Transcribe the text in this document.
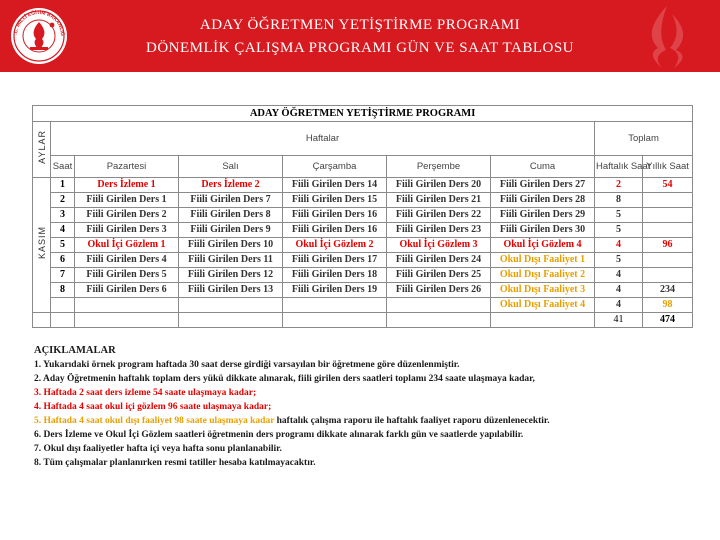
.C. MİLLÎ EĞİTİM BAKANLIĞ
ADAY ÖĞRETMEN YETİŞTİRME PROGRAMI
DÖNEMLİK ÇALIŞMA PROGRAMI GÜN VE SAAT TABLOSU
ADAY ÖĞRETMEN YETİŞTİRME PROGRAMI								
AYLAR	Haftalar						Toplam	
	Saat	Pazartesi	Salı	Çarşamba	Perşembe	Cuma	Haftalık Saat	Yıllık Saat
KASIM	1	Ders İzleme 1	Ders İzleme 2	Fiili Girilen Ders 14	Fiili Girilen Ders 20	Fiili Girilen Ders 27	2	54
	2	Fiili Girilen Ders 1	Fiili Girilen Ders 7	Fiili Girilen Ders 15	Fiili Girilen Ders 21	Fiili Girilen Ders 28	8	
	3	Fiili Girilen Ders 2	Fiili Girilen Ders 8	Fiili Girilen Ders 16	Fiili Girilen Ders 22	Fiili Girilen Ders 29	5	
	4	Fiili Girilen Ders 3	Fiili Girilen Ders 9	Fiili Girilen Ders 16	Fiili Girilen Ders 23	Fiili Girilen Ders 30	5	
	5	Okul İçi Gözlem 1	Fiili Girilen Ders 10	Okul İçi Gözlem 2	Okul İçi Gözlem 3	Okul İçi Gözlem 4	4	96
	6	Fiili Girilen Ders 4	Fiili Girilen Ders 11	Fiili Girilen Ders 17	Fiili Girilen Ders 24	Okul Dışı Faaliyet 1	5	
	7	Fiili Girilen Ders 5	Fiili Girilen Ders 12	Fiili Girilen Ders 18	Fiili Girilen Ders 25	Okul Dışı Faaliyet 2	4	
	8	Fiili Girilen Ders 6	Fiili Girilen Ders 13	Fiili Girilen Ders 19	Fiili Girilen Ders 26	Okul Dışı Faaliyet 3	4	234
						Okul Dışı Faaliyet 4	4	98
							41	474
AÇIKLAMALAR
1. Yukarıdaki örnek program haftada 30 saat derse girdiği varsayılan bir öğretmene göre düzenlenmiştir.
2. Aday Öğretmenin haftalık toplam ders yükü dikkate alınarak, fiili girilen ders saatleri toplamı 234 saate ulaşmaya kadar,
3. Haftada 2 saat ders izleme 54 saate ulaşmaya kadar;
4. Haftada 4 saat okul içi gözlem 96 saate ulaşmaya kadar;
5. Haftada 4 saat okul dışı faaliyet 98 saate ulaşmaya kadar haftalık çalışma raporu ile haftalık faaliyet raporu düzenlenecektir.
6. Ders İzleme ve Okul İçi Gözlem saatleri öğretmenin ders programı dikkate alınarak farklı gün ve saatlerde yapılabilir.
7. Okul dışı faaliyetler hafta içi veya hafta sonu planlanabilir.
8. Tüm çalışmalar planlanırken resmi tatiller hesaba katılmayacaktır.
